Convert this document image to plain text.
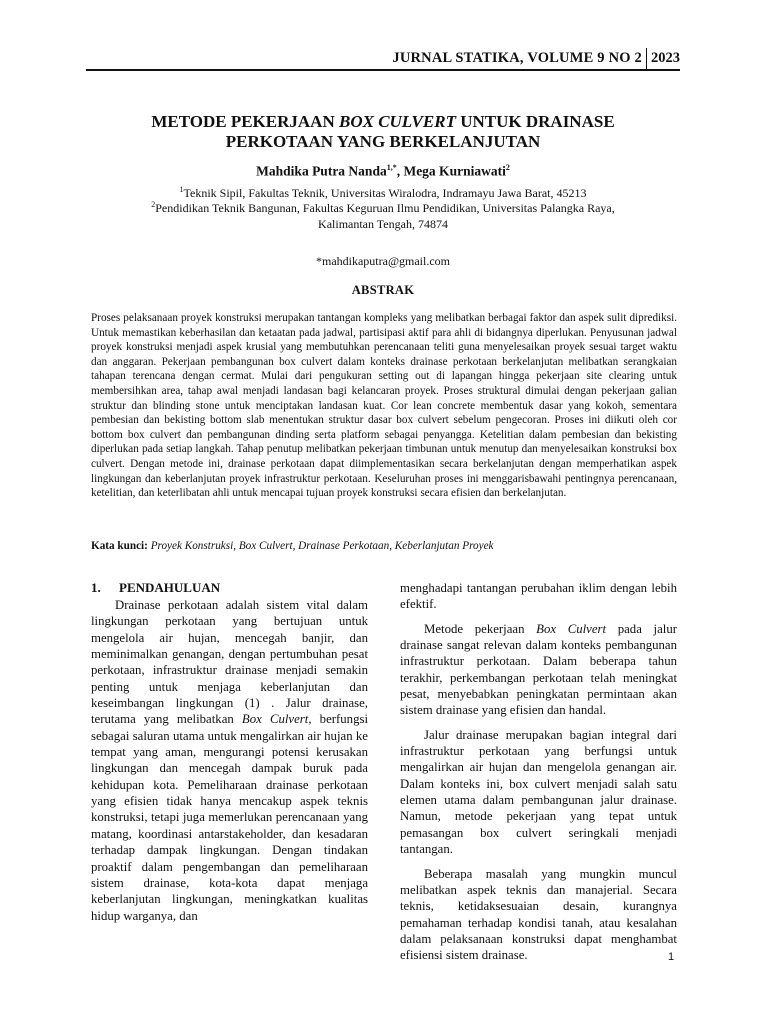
JURNAL STATIKA, VOLUME 9 NO 2 2023
METODE PEKERJAAN BOX CULVERT UNTUK DRAINASE
PERKOTAAN YANG BERKELANJUTAN
Mahdika Putra Nanda$^{1,*}$, Mega Kurniawati$^2$
$^1$Teknik Sipil, Fakultas Teknik, Universitas Wiralodra, Indramayu Jawa Barat, 45213
$^2$Pendidikan Teknik Bangunan, Fakultas Keguruan Ilmu Pendidikan, Universitas Palangka Raya, Kalimantan Tengah, 74874
*mahdikaputra@gmail.com
ABSTRAK

Proses pelaksanaan proyek konstruksi merupakan tantangan kompleks yang melibatkan berbagai faktor dan aspek sulit diprediksi. Untuk memastikan keberhasilan dan ketaatan pada jadwal, partisipasi aktif para ahli di bidangnya diperlukan. Penyusunan jadwal proyek konstruksi menjadi aspek krusial yang membutuhkan perencanaan teliti guna menyelesaikan proyek sesuai target waktu dan anggaran. Pekerjaan pembangunan box culvert dalam konteks drainase perkotaan berkelanjutan melibatkan serangkaian tahapan terencana dengan cermat. Mulai dari pengukuran setting out di lapangan hingga pekerjaan site clearing untuk membersihkan area, tahap awal menjadi landasan bagi kelancaran proyek. Proses struktural dimulai dengan pekerjaan galian struktur dan blinding stone untuk menciptakan landasan kuat. Cor lean concrete membentuk dasar yang kokoh, sementara pembesian dan bekisting bottom slab menentukan struktur dasar box culvert sebelum pengecoran. Proses ini diikuti oleh cor bottom box culvert dan pembangunan dinding serta platform sebagai penyangga. Ketelitian dalam pembesian dan bekisting diperlukan pada setiap langkah. Tahap penutup melibatkan pekerjaan timbunan untuk menutup dan menyelesaikan konstruksi box culvert. Dengan metode ini, drainase perkotaan dapat diimplementasikan secara berkelanjutan dengan memperhatikan aspek lingkungan dan keberlanjutan proyek infrastruktur perkotaan. Keseluruhan proses ini menggarisbawahi pentingnya perencanaan, ketelitian, dan keterlibatan ahli untuk mencapai tujuan proyek konstruksi secara efisien dan berkelanjutan.

Kata kunci: Proyek Konstruksi, Box Culvert, Drainase Perkotaan, Keberlanjutan Proyek
1. PENDAHULUAN

Drainase perkotaan adalah sistem vital dalam lingkungan perkotaan yang bertujuan untuk mengelola air hujan, mencegah banjir, dan meminimalkan genangan, dengan pertumbuhan pesat perkotaan, infrastruktur drainase menjadi semakin penting untuk menjaga keberlanjutan dan keseimbangan lingkungan (1) . Jalur drainase, terutama yang melibatkan Box Culvert, berfungsi sebagai saluran utama untuk mengalirkan air hujan ke tempat yang aman, mengurangi potensi kerusakan lingkungan dan mencegah dampak buruk pada kehidupan kota. Pemeliharaan drainase perkotaan yang efisien tidak hanya mencakup aspek teknis konstruksi, tetapi juga memerlukan perencanaan yang matang, koordinasi antarstakeholder, dan kesadaran terhadap dampak lingkungan. Dengan tindakan proaktif dalam pengembangan dan pemeliharaan sistem drainase, kota-kota dapat menjaga keberlanjutan lingkungan, meningkatkan kualitas hidup warganya, dan

menghadapi tantangan perubahan iklim dengan lebih efektif.

Metode pekerjaan Box Culvert pada jalur drainase sangat relevan dalam konteks pembangunan infrastruktur perkotaan. Dalam beberapa tahun terakhir, perkembangan perkotaan telah meningkat pesat, menyebabkan peningkatan permintaan akan sistem drainase yang efisien dan handal.

Jalur drainase merupakan bagian integral dari infrastruktur perkotaan yang berfungsi untuk mengalirkan air hujan dan mengelola genangan air. Dalam konteks ini, box culvert menjadi salah satu elemen utama dalam pembangunan jalur drainase. Namun, metode pekerjaan yang tepat untuk pemasangan box culvert seringkali menjadi tantangan.

Beberapa masalah yang mungkin muncul melibatkan aspek teknis dan manajerial. Secara teknis, ketidaksesuaian desain, kurangnya pemahaman terhadap kondisi tanah, atau kesalahan dalam pelaksanaan konstruksi dapat menghambat efisiensi sistem drainase.	1
